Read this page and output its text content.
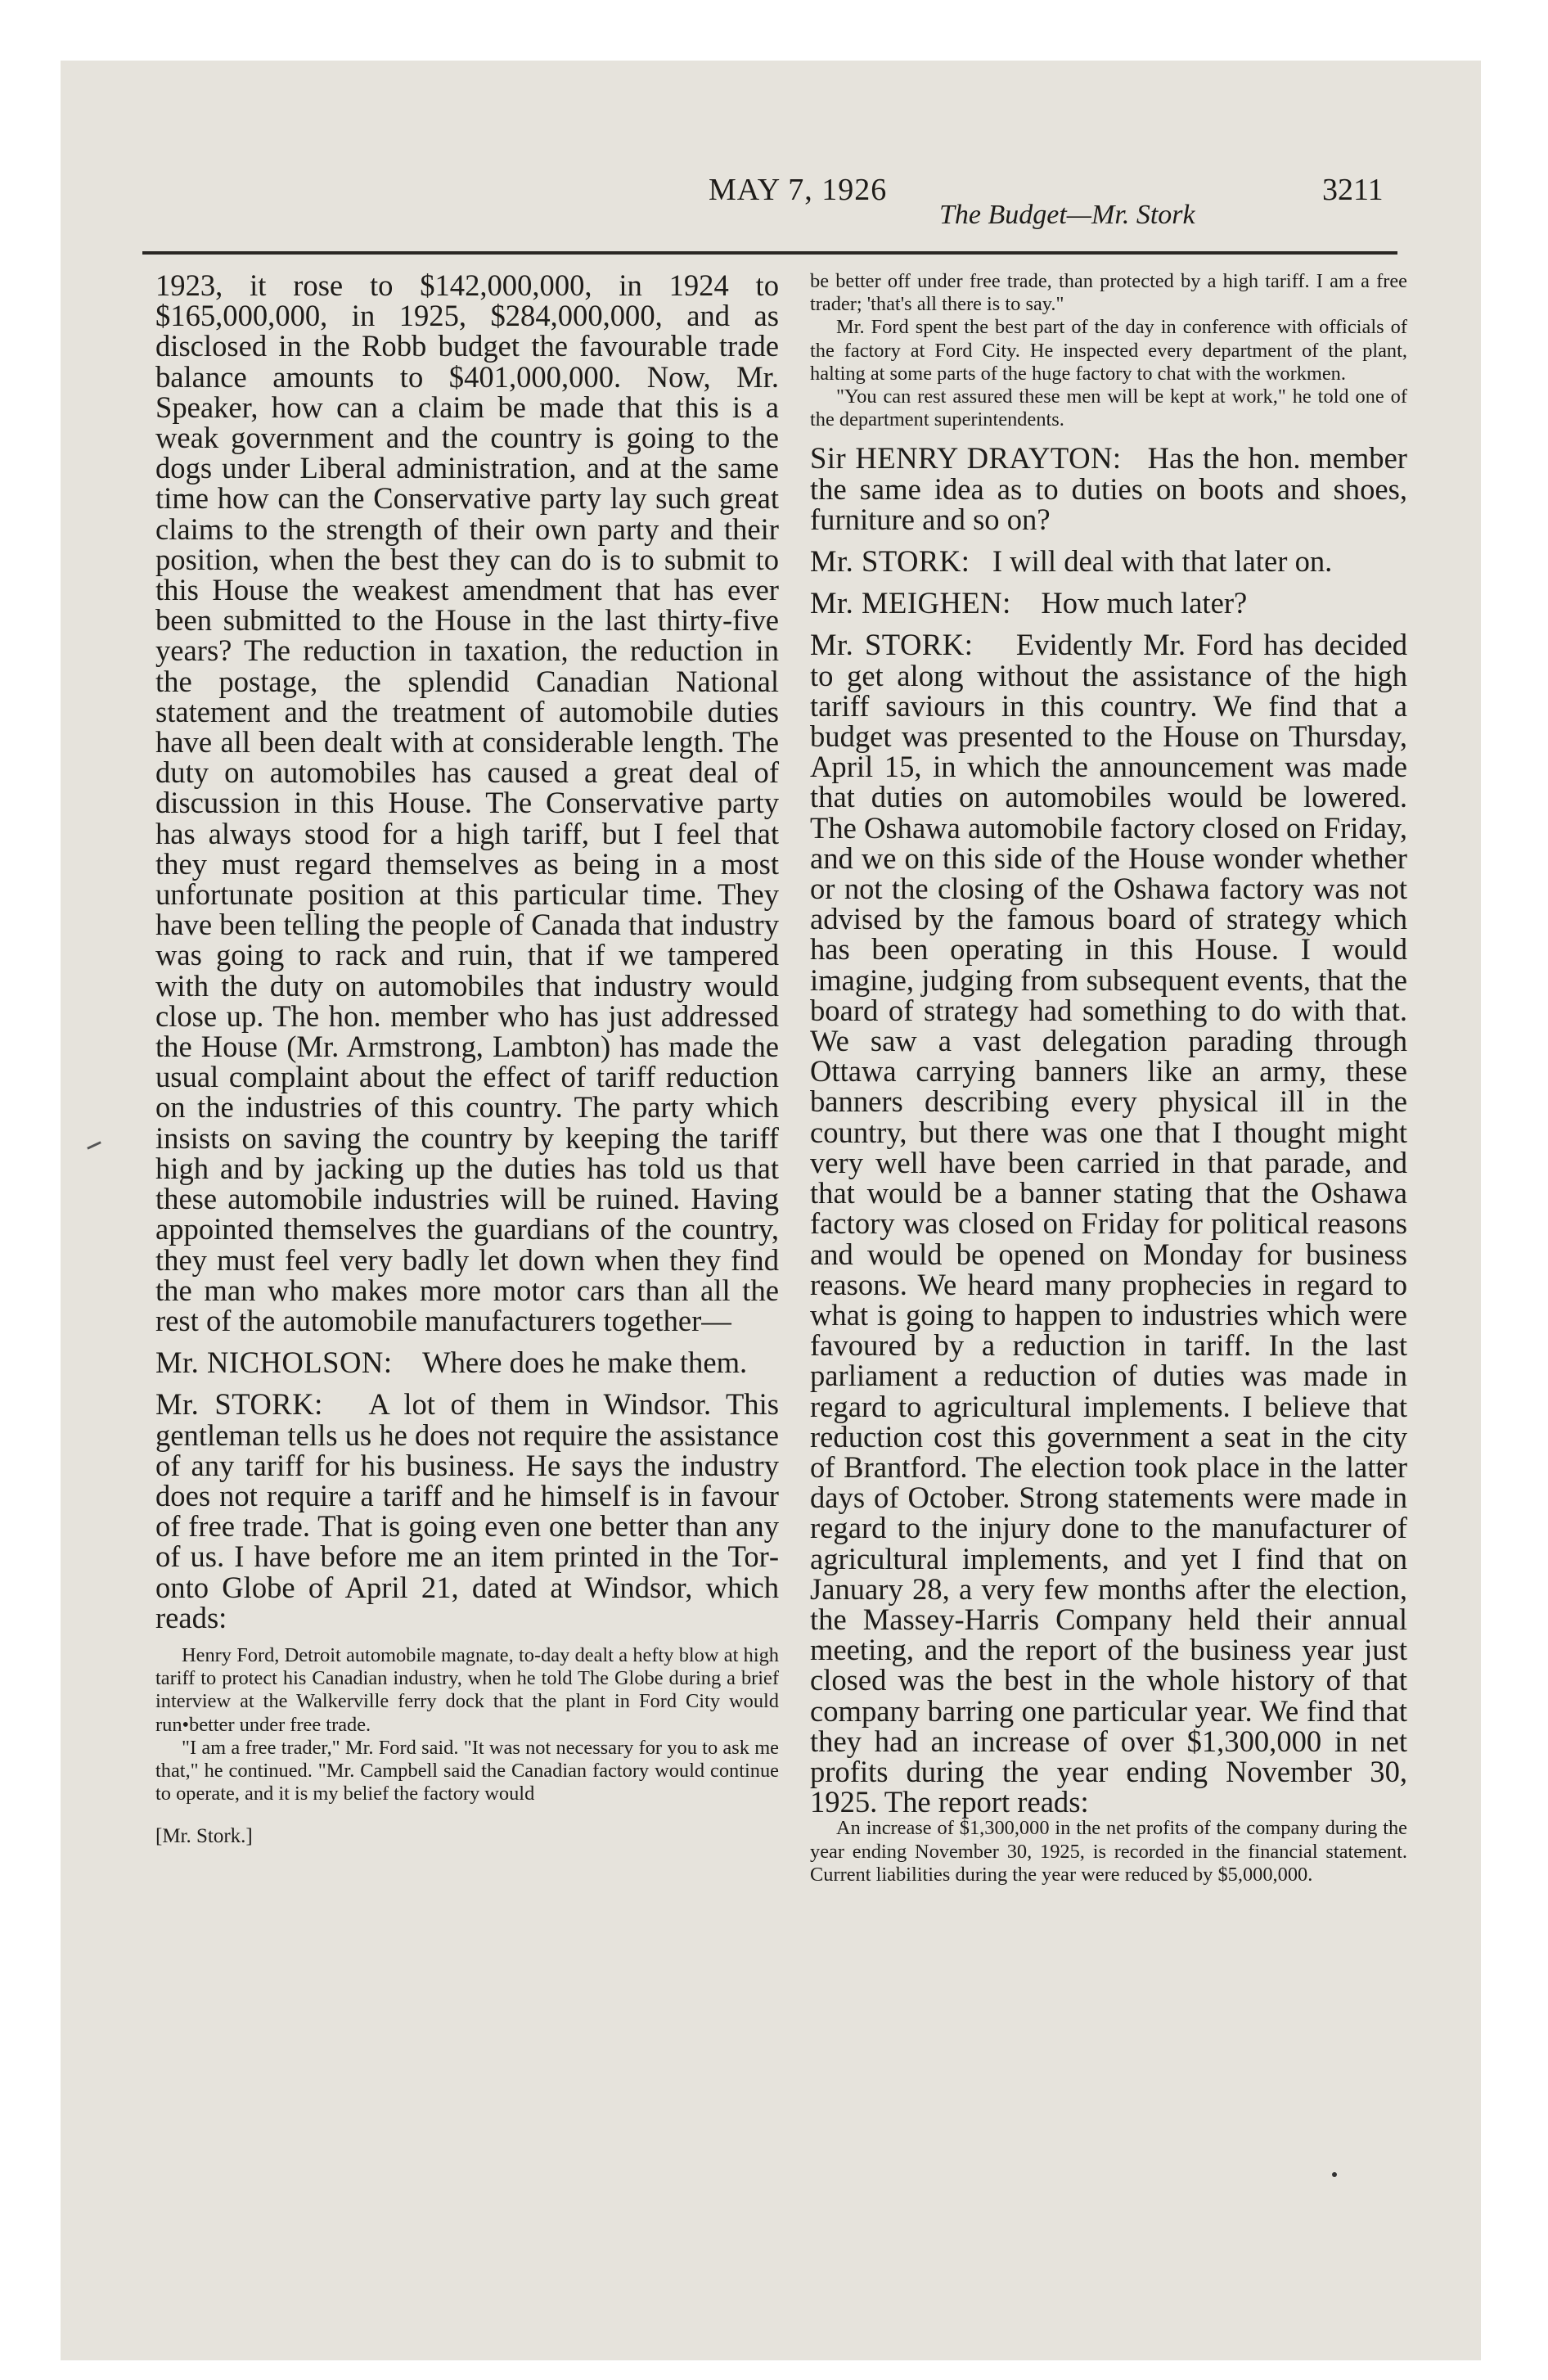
MAY 7, 1926
The Budget—Mr. Stork
3211

1923, it rose to $142,000,000, in 1924 to $165,000,000, in 1925, $284,000,000, and as disclosed in the Robb budget the favourable trade balance amounts to $401,000,000. Now, Mr. Speaker, how can a claim be made that this is a weak government and the country is going to the dogs under Liberal administration, and at the same time how can the Conservative party lay such great claims to the strength of their own party and their position, when the best they can do is to submit to this House the weakest amendment that has ever been submitted to the House in the last thirty-five years? The reduction in taxation, the reduction in the postage, the splendid Canadian National statement and the treatment of automobile duties have all been dealt with at considerable length. The duty on automobiles has caused a great deal of discussion in this House. The Conservative party has always stood for a high tariff, but I feel that they must regard themselves as being in a most unfortunate position at this particular time. They have been telling the people of Canada that industry was going to rack and ruin, that if we tampered with the duty on automobiles that industry would close up. The hon. member who has just addressed the House (Mr. Armstrong, Lambton) has made the usual complaint about the effect of tariff reduction on the industries of this country. The party which insists on saving the country by keeping the tariff high and by jacking up the duties has told us that these automobile industries will be ruined. Having appointed themselves the guardians of the country, they must feel very badly let down when they find the man who makes more motor cars than all the rest of the automobile manufacturers together—

Mr. NICHOLSON: Where does he make them.

Mr. STORK: A lot of them in Windsor. This gentleman tells us he does not require the assistance of any tariff for his business. He says the industry does not require a tariff and he himself is in favour of free trade. That is going even one better than any of us. I have before me an item printed in the Toronto Globe of April 21, dated at Windsor, which reads:

Henry Ford, Detroit automobile magnate, to-day dealt a hefty blow at high tariff to protect his Canadian industry, when he told The Globe during a brief interview at the Walkerville ferry dock that the plant in Ford City would run•better under free trade.

"I am a free trader," Mr. Ford said. "It was not necessary for you to ask me that," he continued. "Mr. Campbell said the Canadian factory would continue to operate, and it is my belief the factory would

[Mr. Stork.]

be better off under free trade, than protected by a high tariff. I am a free trader; 'that's all there is to say."

Mr. Ford spent the best part of the day in conference with officials of the factory at Ford City. He inspected every department of the plant, halting at some parts of the huge factory to chat with the workmen.

"You can rest assured these men will be kept at work," he told one of the department superintendents.

Sir HENRY DRAYTON: Has the hon. member the same idea as to duties on boots and shoes, furniture and so on?

Mr. STORK: I will deal with that later on.

Mr. MEIGHEN: How much later?

Mr. STORK: Evidently Mr. Ford has decided to get along without the assistance of the high tariff saviours in this country. We find that a budget was presented to the House on Thursday, April 15, in which the announcement was made that duties on automobiles would be lowered. The Oshawa automobile factory closed on Friday, and we on this side of the House wonder whether or not the closing of the Oshawa factory was not advised by the famous board of strategy which has been operating in this House. I would imagine, judging from subsequent events, that the board of strategy had something to do with that. We saw a vast delegation parading through Ottawa carrying banners like an army, these banners describing every physical ill in the country, but there was one that I thought might very well have been carried in that parade, and that would be a banner stating that the Oshawa factory was closed on Friday for political reasons and would be opened on Monday for business reasons. We heard many prophecies in regard to what is going to happen to industries which were favoured by a reduction in tariff. In the last parliament a reduction of duties was made in regard to agricultural implements. I believe that reduction cost this government a seat in the city of Brantford. The election took place in the latter days of October. Strong statements were made in regard to the injury done to the manufacturer of agricultural implements, and yet I find that on January 28, a very few months after the election, the Massey-Harris Company held their annual meeting, and the report of the business year just closed was the best in the whole history of that company barring one particular year. We find that they had an increase of over $1,300,000 in net profits during the year ending November 30, 1925. The report reads:

An increase of $1,300,000 in the net profits of the company during the year ending November 30, 1925, is recorded in the financial statement. Current liabilities during the year were reduced by $5,000,000.
